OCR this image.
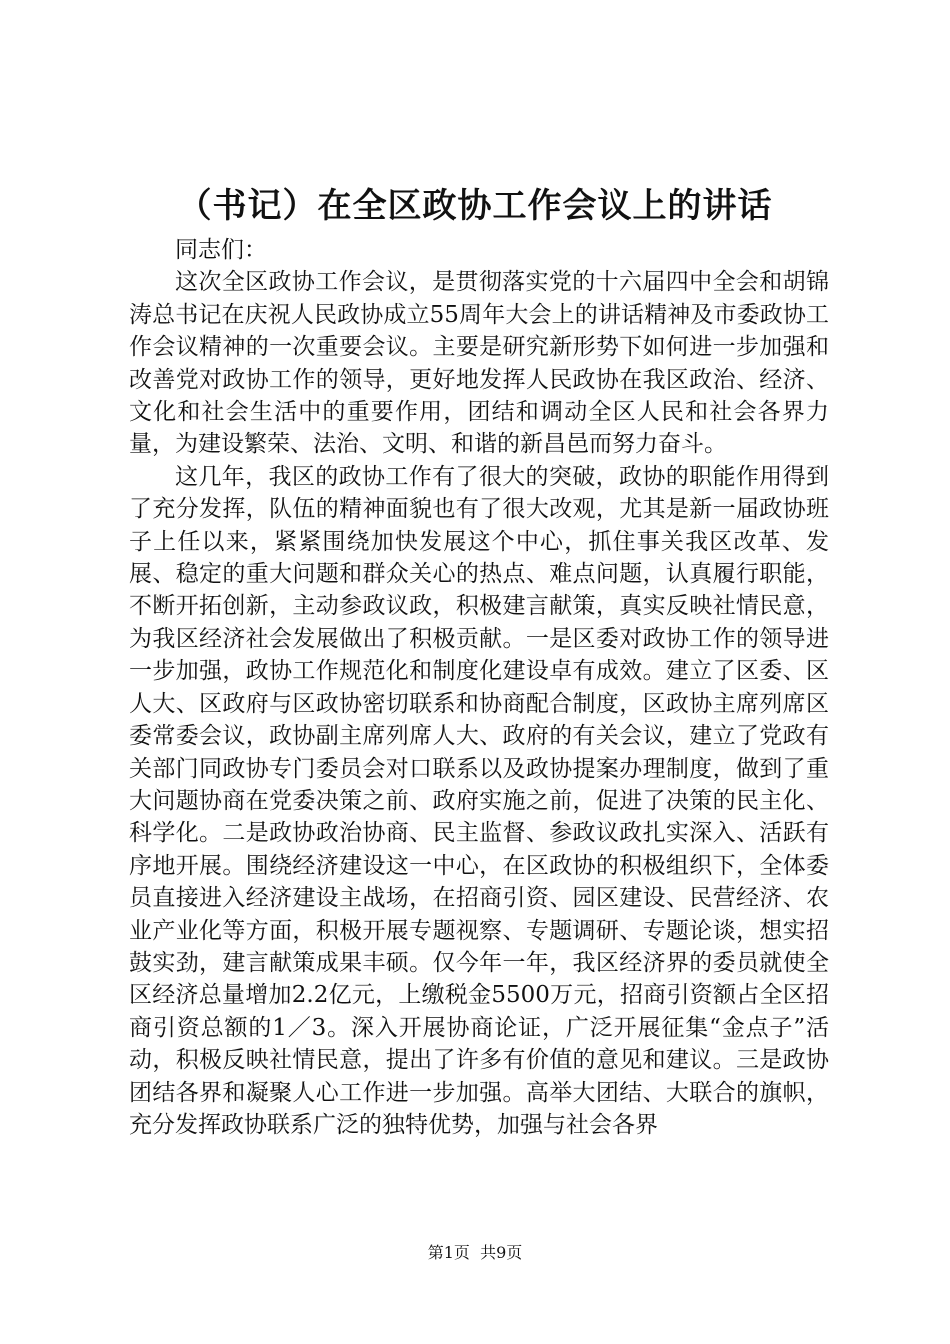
（书记）在全区政协工作会议上的讲话

同志们：

这次全区政协工作会议，是贯彻落实党的十六届四中全会和胡锦涛总书记在庆祝人民政协成立55周年大会上的讲话精神及市委政协工作会议精神的一次重要会议。主要是研究新形势下如何进一步加强和改善党对政协工作的领导，更好地发挥人民政协在我区政治、经济、文化和社会生活中的重要作用，团结和调动全区人民和社会各界力量，为建设繁荣、法治、文明、和谐的新昌邑而努力奋斗。

这几年，我区的政协工作有了很大的突破，政协的职能作用得到了充分发挥，队伍的精神面貌也有了很大改观，尤其是新一届政协班子上任以来，紧紧围绕加快发展这个中心，抓住事关我区改革、发展、稳定的重大问题和群众关心的热点、难点问题，认真履行职能，不断开拓创新，主动参政议政，积极建言献策，真实反映社情民意，为我区经济社会发展做出了积极贡献。一是区委对政协工作的领导进一步加强，政协工作规范化和制度化建设卓有成效。建立了区委、区人大、区政府与区政协密切联系和协商配合制度，区政协主席列席区委常委会议，政协副主席列席人大、政府的有关会议，建立了党政有关部门同政协专门委员会对口联系以及政协提案办理制度，做到了重大问题协商在党委决策之前、政府实施之前，促进了决策的民主化、科学化。二是政协政治协商、民主监督、参政议政扎实深入、活跃有序地开展。围绕经济建设这一中心，在区政协的积极组织下，全体委员直接进入经济建设主战场，在招商引资、园区建设、民营经济、农业产业化等方面，积极开展专题视察、专题调研、专题论谈，想实招鼓实劲，建言献策成果丰硕。仅今年一年，我区经济界的委员就使全区经济总量增加2.2亿元，上缴税金5500万元，招商引资额占全区招商引资总额的1／3。深入开展协商论证，广泛开展征集“金点子”活动，积极反映社情民意，提出了许多有价值的意见和建议。三是政协团结各界和凝聚人心工作进一步加强。高举大团结、大联合的旗帜，充分发挥政协联系广泛的独特优势，加强与社会各界

第1页  共9页
